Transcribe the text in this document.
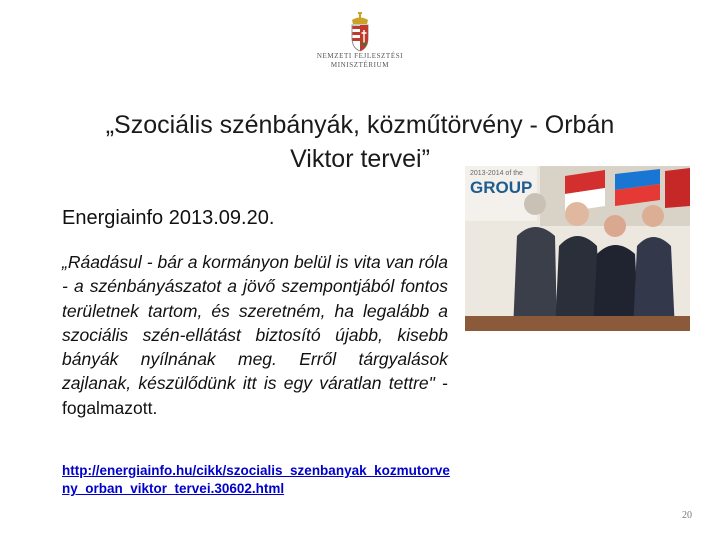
NEMZETI FEJLESZTÉSI
MINISZTÉRIUM
„Szociális szénbányák, közműtörvény - Orbán
Viktor tervei”
Energiainfo 2013.09.20.
„Ráadásul - bár a kormányon belül is vita van róla - a szénbányászatot a jövő szempontjából fontos területnek tartom, és szeretném, ha legalább a szociális szén-ellátást biztosító újabb, kisebb bányák nyílnának meg. Erről tárgyalások zajlanak, készülődünk itt is egy váratlan tettre" - fogalmazott.
http://energiainfo.hu/cikk/szocialis_szenbanyak_kozmutorveny_orban_viktor_tervei.30602.html
2013-2014 of the
GROUP
20
